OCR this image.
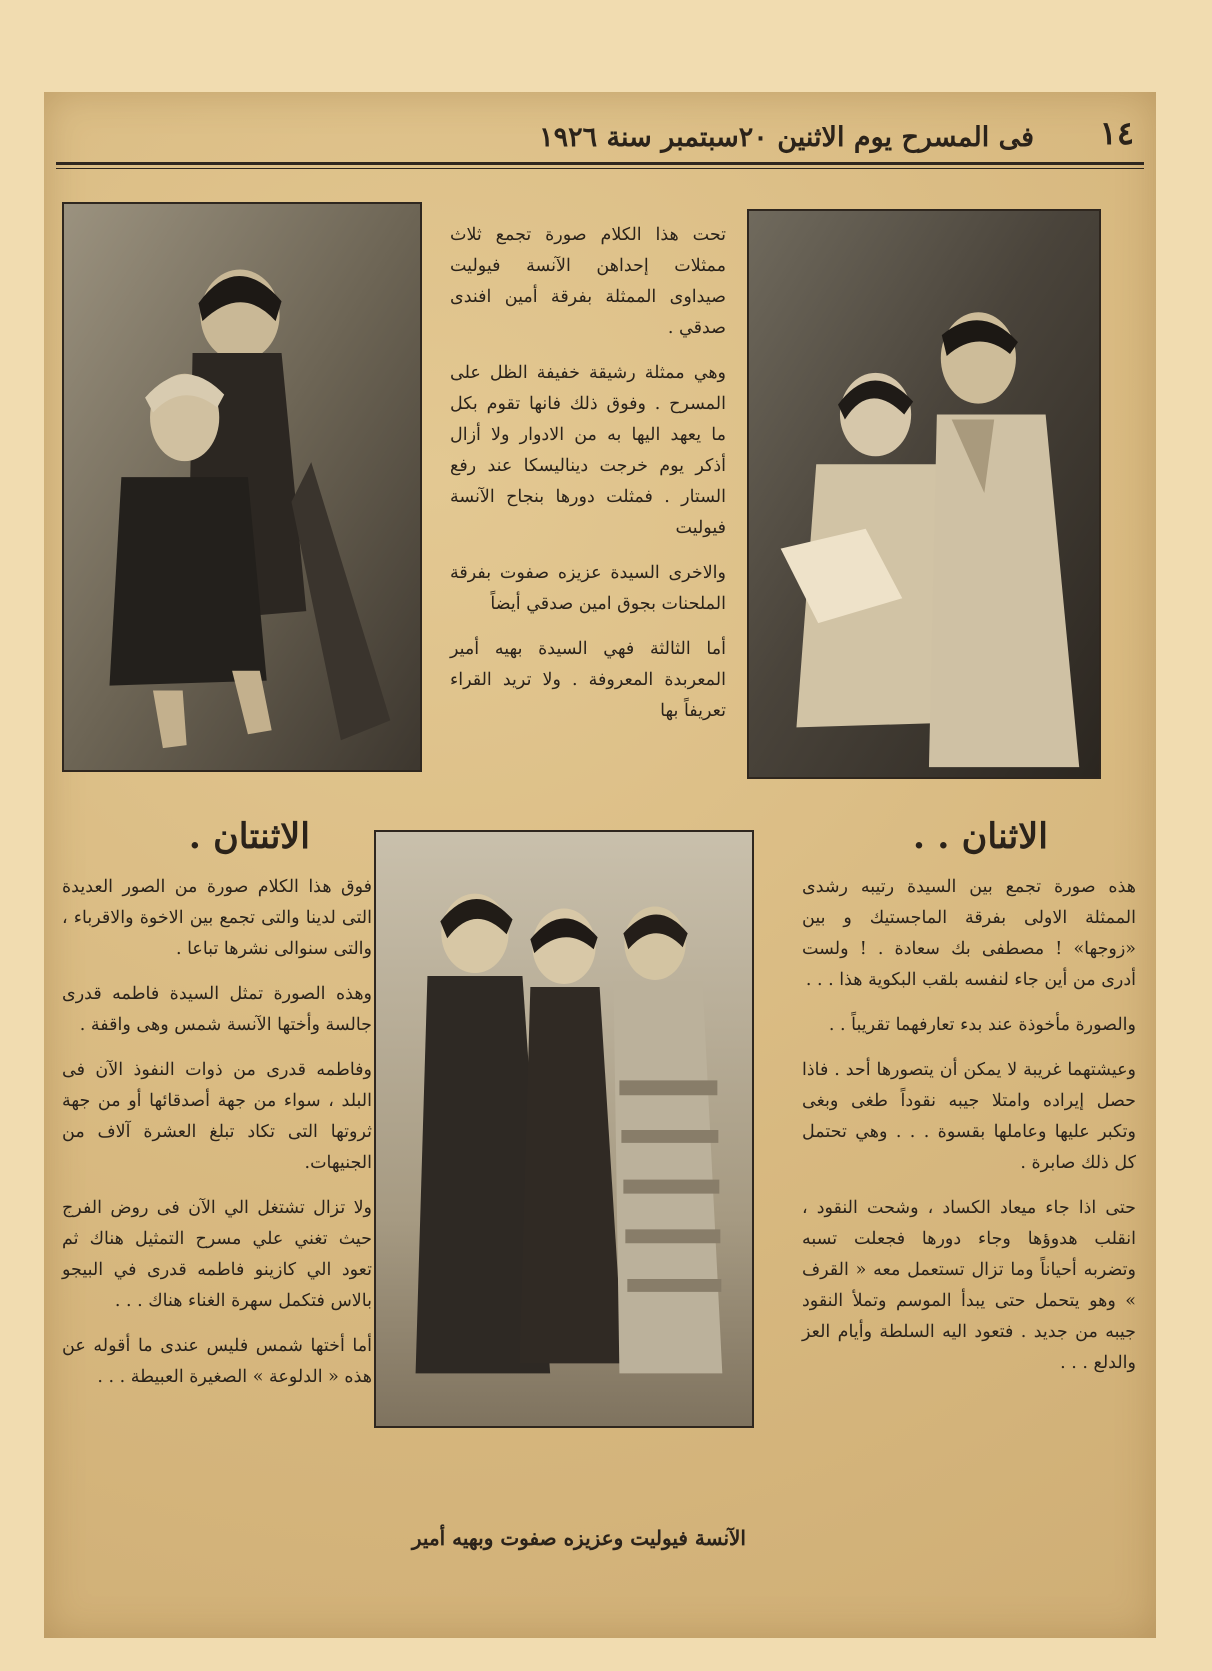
١٤
فی المسرح يوم الاثنين ٢٠سبتمبر سنة ١٩٢٦

تحت هذا الكلام صورة تجمع ثلاث ممثلات إحداهن الآنسة فيوليت صيداوى الممثلة بفرقة أمين افندى صدقي .

وهي ممثلة رشيقة خفيفة الظل على المسرح . وفوق ذلك فانها تقوم بكل ما يعهد اليها به من الادوار ولا أزال أذكر يوم خرجت ديناليسكا عند رفع الستار . فمثلت دورها بنجاح الآنسة فيوليت

والاخرى السيدة عزيزه صفوت بفرقة الملحنات بجوق امين صدقي أيضاً

أما الثالثة فهي السيدة بهيه أمير المعربدة المعروفة . ولا تريد القراء تعريفاً بها

الاثنان . .

هذه صورة تجمع بين السيدة رتيبه رشدى الممثلة الاولى بفرقة الماجستيك و بين «زوجها» ! مصطفى بك سعادة . ! ولست أدرى من أين جاء لنفسه بلقب البكوية هذا . . .

والصورة مأخوذة عند بدء تعارفهما تقريباً . .

وعيشتهما غريبة لا يمكن أن يتصورها أحد . فاذا حصل إيراده وامتلا جيبه نقوداً طغى وبغى وتكبر عليها وعاملها بقسوة . . . وهي تحتمل كل ذلك صابرة .

حتى اذا جاء ميعاد الكساد ، وشحت النقود ، انقلب هدوؤها وجاء دورها فجعلت تسبه وتضربه أحياناً وما تزال تستعمل معه « القرف » وهو يتحمل حتى يبدأ الموسم وتملأ النقود جيبه من جديد . فتعود اليه السلطة وأيام العز والدلع . . .

الاثنتان .

فوق هذا الكلام صورة من الصور العديدة التى لدينا والتى تجمع بين الاخوة والاقرباء ، والتى سنوالى نشرها تباعا .

وهذه الصورة تمثل السيدة فاطمه قدرى جالسة وأختها الآنسة شمس وهى واقفة .

وفاطمه قدرى من ذوات النفوذ الآن فى البلد ، سواء من جهة أصدقائها أو من جهة ثروتها التى تكاد تبلغ العشرة آلاف من الجنيهات.

ولا تزال تشتغل الي الآن فى روض الفرج حيث تغني علي مسرح التمثيل هناك ثم تعود الي كازينو فاطمه قدرى في البيجو بالاس فتكمل سهرة الغناء هناك . . .

أما أختها شمس فليس عندى ما أقوله عن هذه « الدلوعة » الصغيرة العبيطة . . .

الآنسة فيوليت وعزيزه صفوت وبهيه أمير
